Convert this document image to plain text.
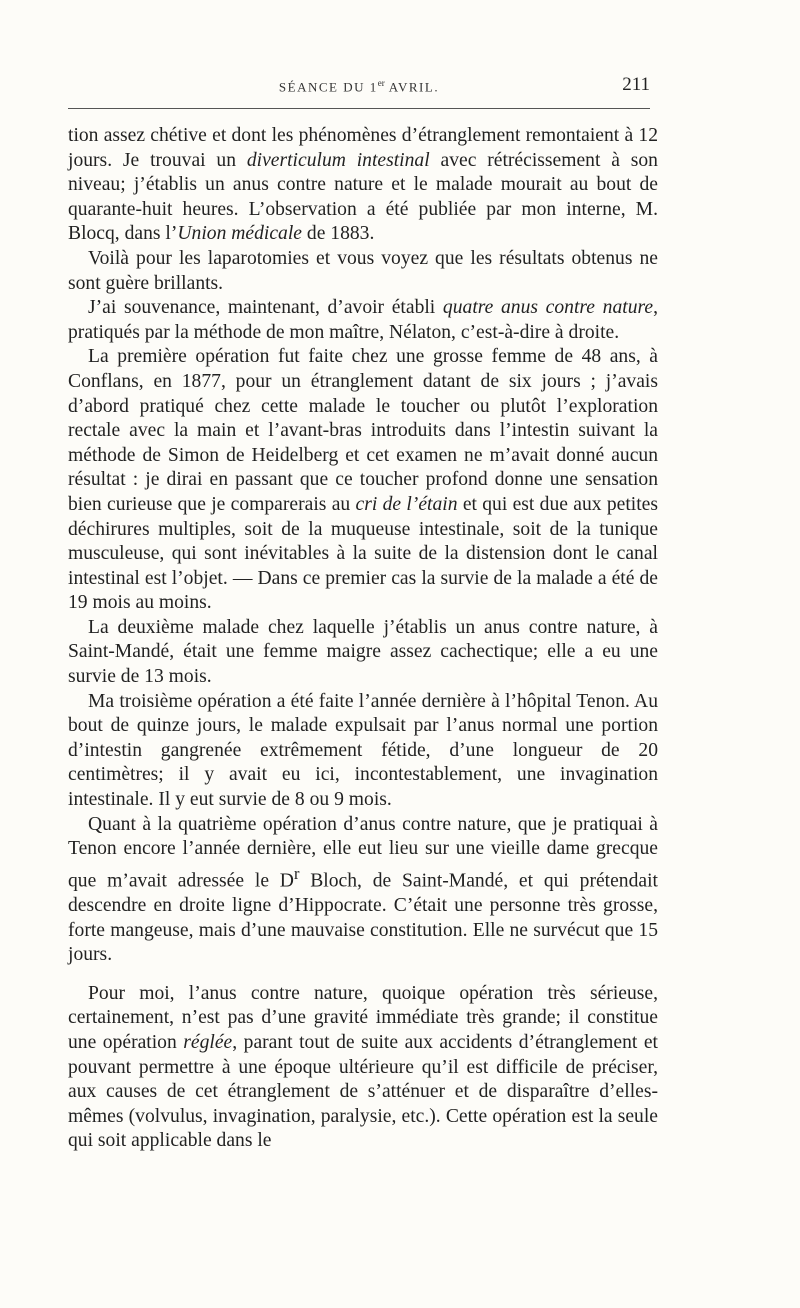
SÉANCE DU 1er AVRIL.	211

tion assez chétive et dont les phénomènes d’étranglement remontaient à 12 jours. Je trouvai un diverticulum intestinal avec rétrécissement à son niveau; j’établis un anus contre nature et le malade mourait au bout de quarante-huit heures. L’observation a été publiée par mon interne, M. Blocq, dans l’Union médicale de 1883.

Voilà pour les laparotomies et vous voyez que les résultats obtenus ne sont guère brillants.

J’ai souvenance, maintenant, d’avoir établi quatre anus contre nature, pratiqués par la méthode de mon maître, Nélaton, c’est-à-dire à droite.

La première opération fut faite chez une grosse femme de 48 ans, à Conflans, en 1877, pour un étranglement datant de six jours ; j’avais d’abord pratiqué chez cette malade le toucher ou plutôt l’exploration rectale avec la main et l’avant-bras introduits dans l’intestin suivant la méthode de Simon de Heidelberg et cet examen ne m’avait donné aucun résultat : je dirai en passant que ce toucher profond donne une sensation bien curieuse que je comparerais au cri de l’étain et qui est due aux petites déchirures multiples, soit de la muqueuse intestinale, soit de la tunique musculeuse, qui sont inévitables à la suite de la distension dont le canal intestinal est l’objet. — Dans ce premier cas la survie de la malade a été de 19 mois au moins.

La deuxième malade chez laquelle j’établis un anus contre nature, à Saint-Mandé, était une femme maigre assez cachectique; elle a eu une survie de 13 mois.

Ma troisième opération a été faite l’année dernière à l’hôpital Tenon. Au bout de quinze jours, le malade expulsait par l’anus normal une portion d’intestin gangrenée extrêmement fétide, d’une longueur de 20 centimètres; il y avait eu ici, incontestablement, une invagination intestinale. Il y eut survie de 8 ou 9 mois.

Quant à la quatrième opération d’anus contre nature, que je pratiquai à Tenon encore l’année dernière, elle eut lieu sur une vieille dame grecque que m’avait adressée le $D^r$ Bloch, de Saint-Mandé, et qui prétendait descendre en droite ligne d’Hippocrate. C’était une personne très grosse, forte mangeuse, mais d’une mauvaise constitution. Elle ne survécut que 15 jours.

Pour moi, l’anus contre nature, quoique opération très sérieuse, certainement, n’est pas d’une gravité immédiate très grande; il constitue une opération réglée, parant tout de suite aux accidents d’étranglement et pouvant permettre à une époque ultérieure qu’il est difficile de préciser, aux causes de cet étranglement de s’atténuer et de disparaître d’elles-mêmes (volvulus, invagination, paralysie, etc.). Cette opération est la seule qui soit applicable dans le
